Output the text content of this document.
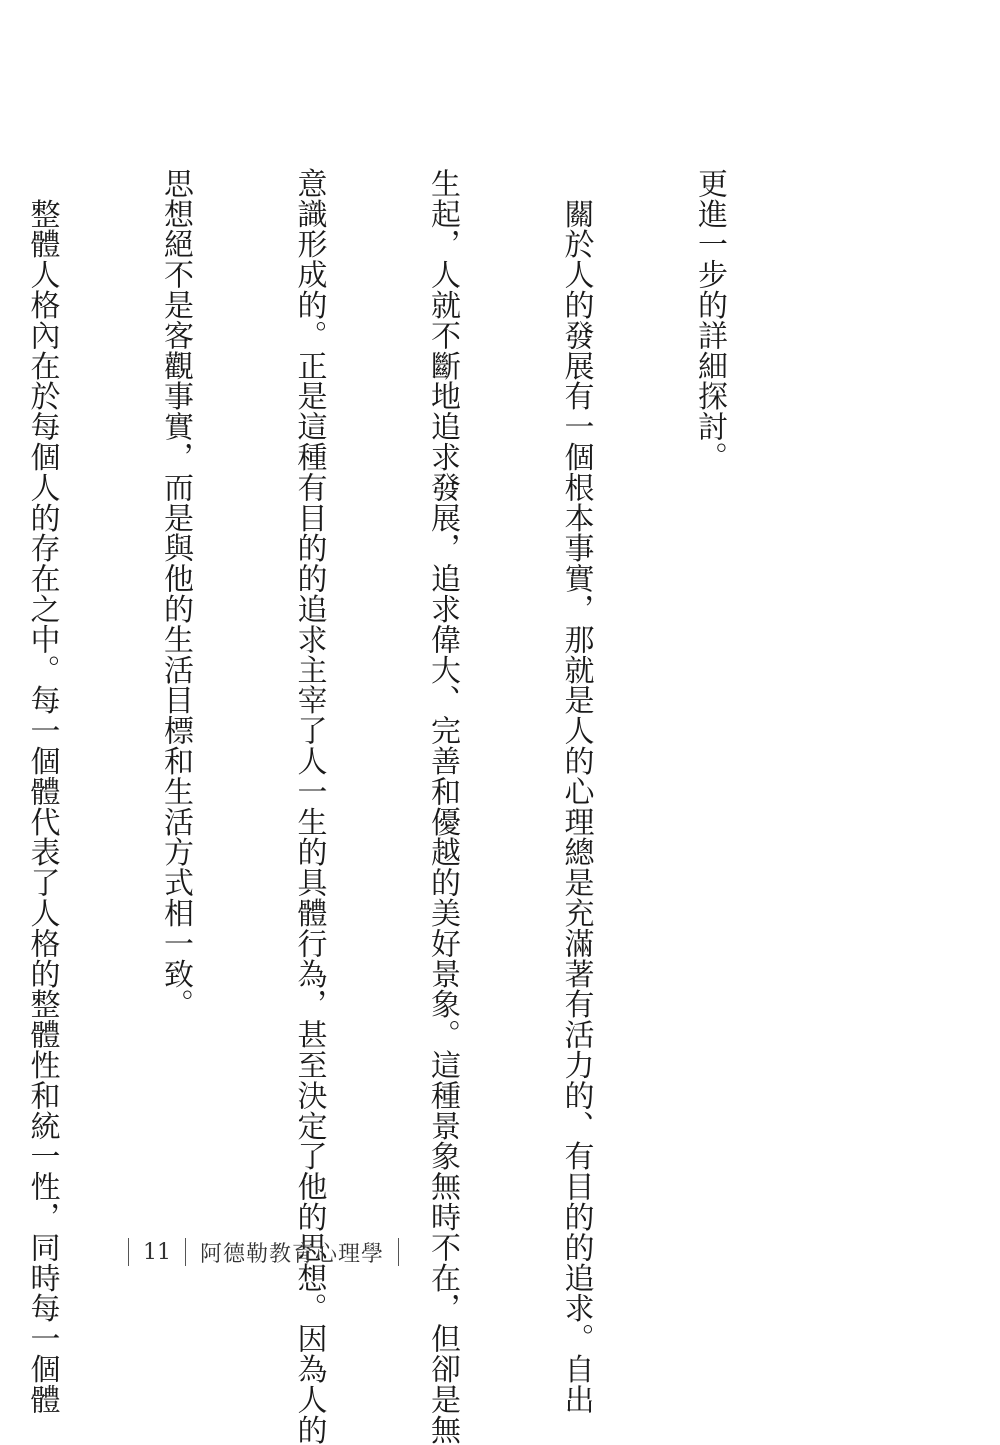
更進一步的詳細探討。

　關於人的發展有一個根本事實，那就是人的心理總是充滿著有活力的、有目的的追求。自出

生起，人就不斷地追求發展，追求偉大、完善和優越的美好景象。這種景象無時不在，但卻是無

意識形成的。正是這種有目的的追求主宰了人一生的具體行為，甚至決定了他的思想。因為人的

思想絕不是客觀事實，而是與他的生活目標和生活方式相一致。

　整體人格內在於每個人的存在之中。每一個體代表了人格的整體性和統一性，同時每一個體

	11 阿德勒教育心理學
